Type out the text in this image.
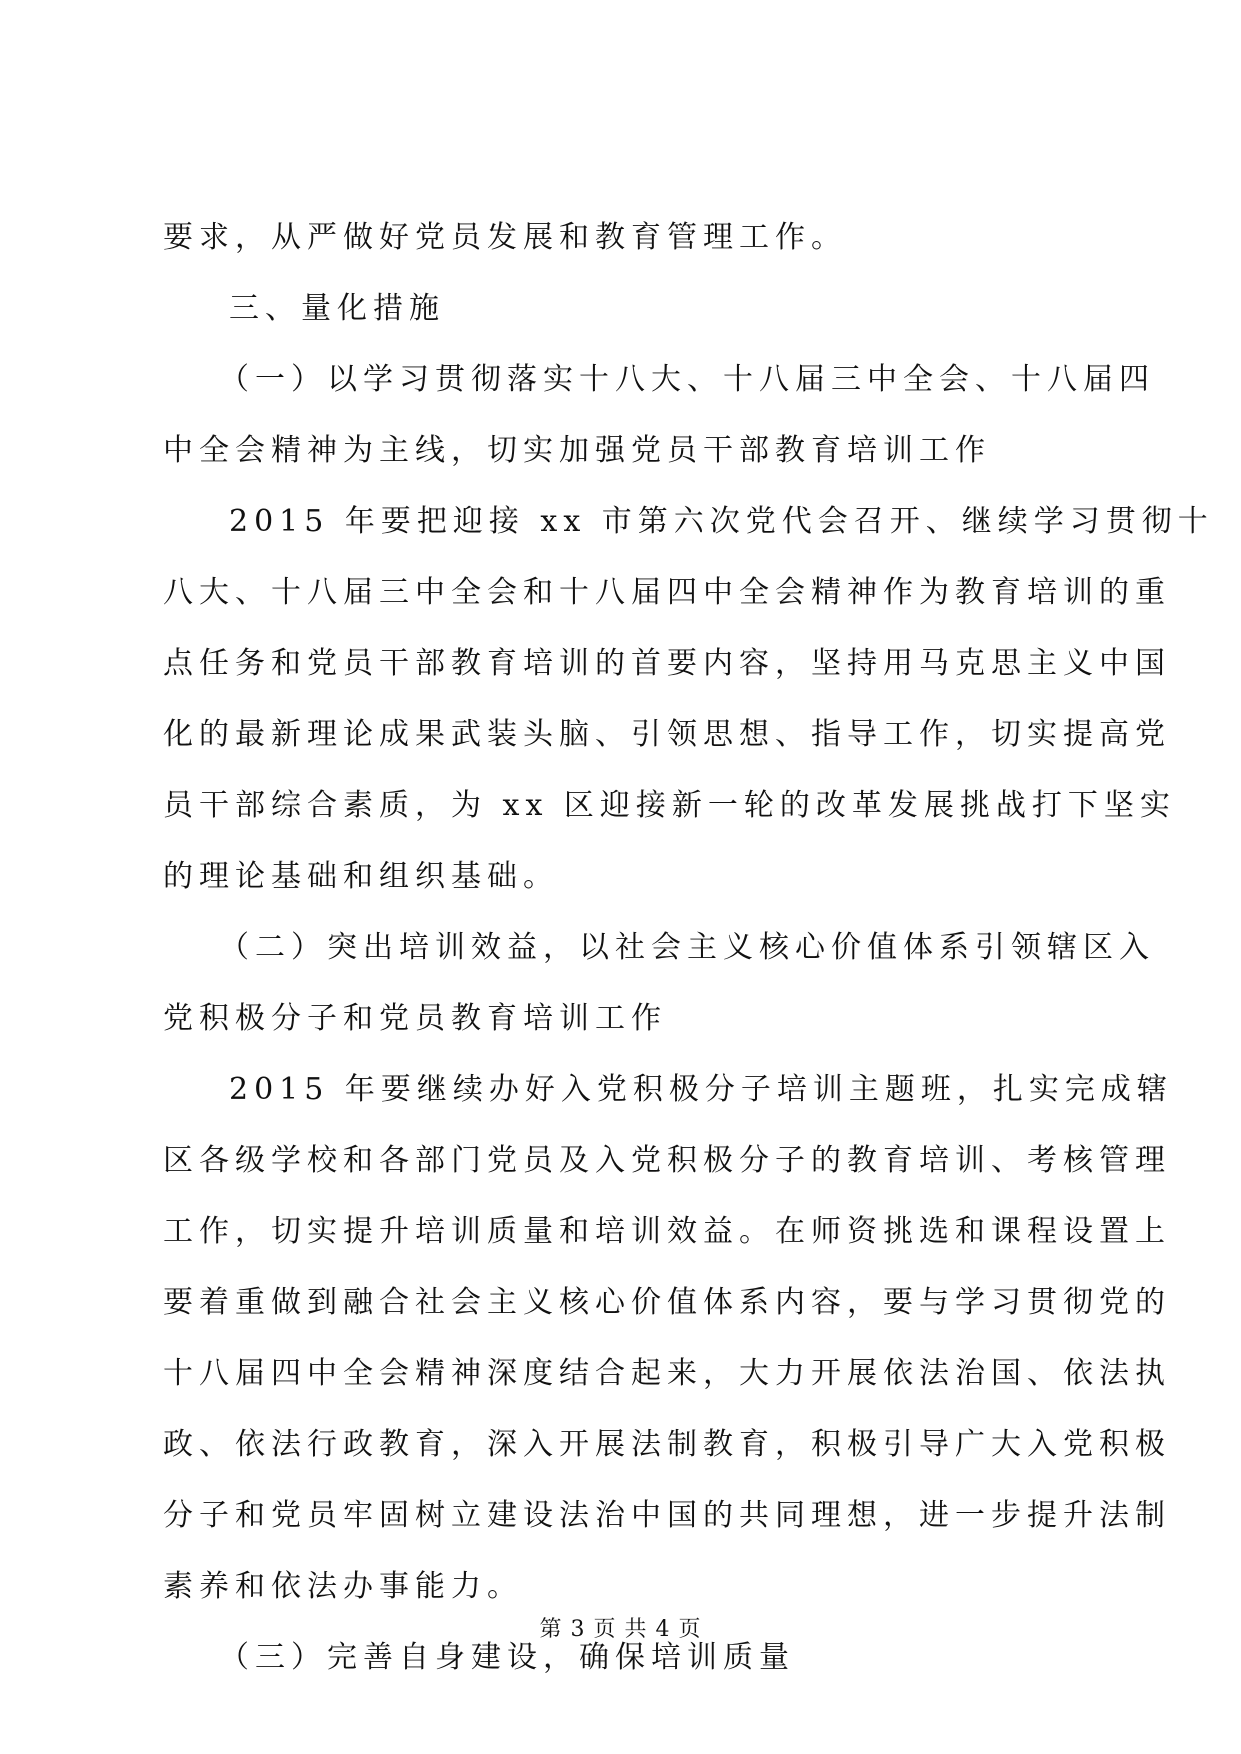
要求，从严做好党员发展和教育管理工作。
三、量化措施
（一）以学习贯彻落实十八大、十八届三中全会、十八届四
中全会精神为主线，切实加强党员干部教育培训工作
2015 年要把迎接 xx 市第六次党代会召开、继续学习贯彻十
八大、十八届三中全会和十八届四中全会精神作为教育培训的重
点任务和党员干部教育培训的首要内容，坚持用马克思主义中国
化的最新理论成果武装头脑、引领思想、指导工作，切实提高党
员干部综合素质，为 xx 区迎接新一轮的改革发展挑战打下坚实
的理论基础和组织基础。
（二）突出培训效益，以社会主义核心价值体系引领辖区入
党积极分子和党员教育培训工作
2015 年要继续办好入党积极分子培训主题班，扎实完成辖
区各级学校和各部门党员及入党积极分子的教育培训、考核管理
工作，切实提升培训质量和培训效益。在师资挑选和课程设置上
要着重做到融合社会主义核心价值体系内容，要与学习贯彻党的
十八届四中全会精神深度结合起来，大力开展依法治国、依法执
政、依法行政教育，深入开展法制教育，积极引导广大入党积极
分子和党员牢固树立建设法治中国的共同理想，进一步提升法制
素养和依法办事能力。
（三）完善自身建设，确保培训质量
第 3 页 共 4 页
